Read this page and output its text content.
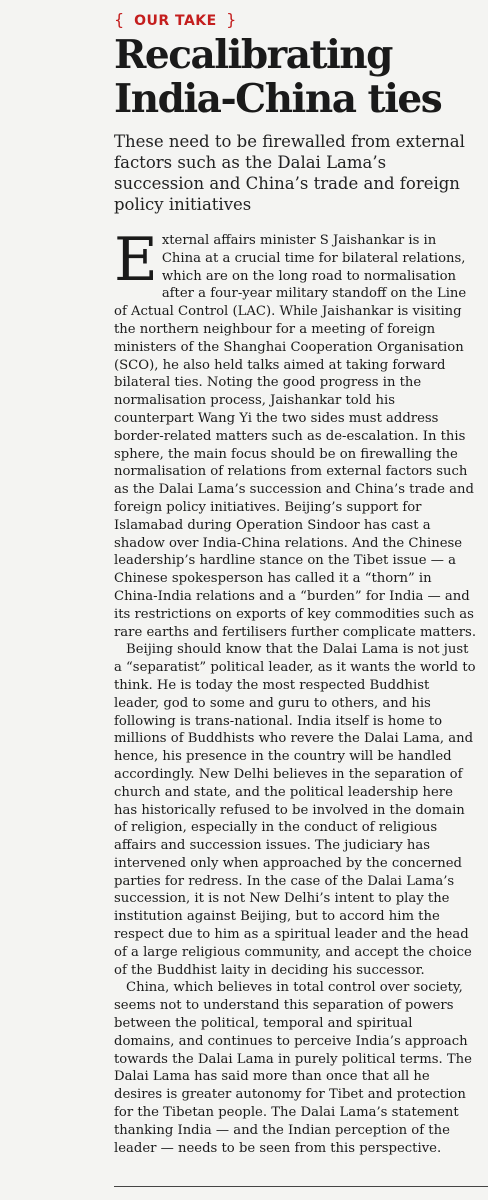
{ OUR TAKE }
Recalibrating India-China ties
These need to be firewalled from external factors such as the Dalai Lama’s succession and China’s trade and foreign policy initiatives

External affairs minister S Jaishankar is in China at a crucial time for bilateral relations, which are on the long road to normalisation after a four-year military standoff on the Line of Actual Control (LAC). While Jaishankar is visiting the northern neighbour for a meeting of foreign ministers of the Shanghai Cooperation Organisation (SCO), he also held talks aimed at taking forward bilateral ties. Noting the good progress in the normalisation process, Jaishankar told his counterpart Wang Yi the two sides must address border-related matters such as de-escalation. In this sphere, the main focus should be on firewalling the normalisation of relations from external factors such as the Dalai Lama’s succession and China’s trade and foreign policy initiatives. Beijing’s support for Islamabad during Operation Sindoor has cast a shadow over India-China relations. And the Chinese leadership’s hardline stance on the Tibet issue — a Chinese spokesperson has called it a “thorn” in China-India relations and a “burden” for India — and its restrictions on exports of key commodities such as rare earths and fertilisers further complicate matters.

Beijing should know that the Dalai Lama is not just a “separatist” political leader, as it wants the world to think. He is today the most respected Buddhist leader, god to some and guru to others, and his following is trans-national. India itself is home to millions of Buddhists who revere the Dalai Lama, and hence, his presence in the country will be handled accordingly. New Delhi believes in the separation of church and state, and the political leadership here has historically refused to be involved in the domain of religion, especially in the conduct of religious affairs and succession issues. The judiciary has intervened only when approached by the concerned parties for redress. In the case of the Dalai Lama’s succession, it is not New Delhi’s intent to play the institution against Beijing, but to accord him the respect due to him as a spiritual leader and the head of a large religious community, and accept the choice of the Buddhist laity in deciding his successor.

China, which believes in total control over society, seems not to understand this separation of powers between the political, temporal and spiritual domains, and continues to perceive India’s approach towards the Dalai Lama in purely political terms. The Dalai Lama has said more than once that all he desires is greater autonomy for Tibet and protection for the Tibetan people. The Dalai Lama’s statement thanking India — and the Indian perception of the leader — needs to be seen from this perspective.
